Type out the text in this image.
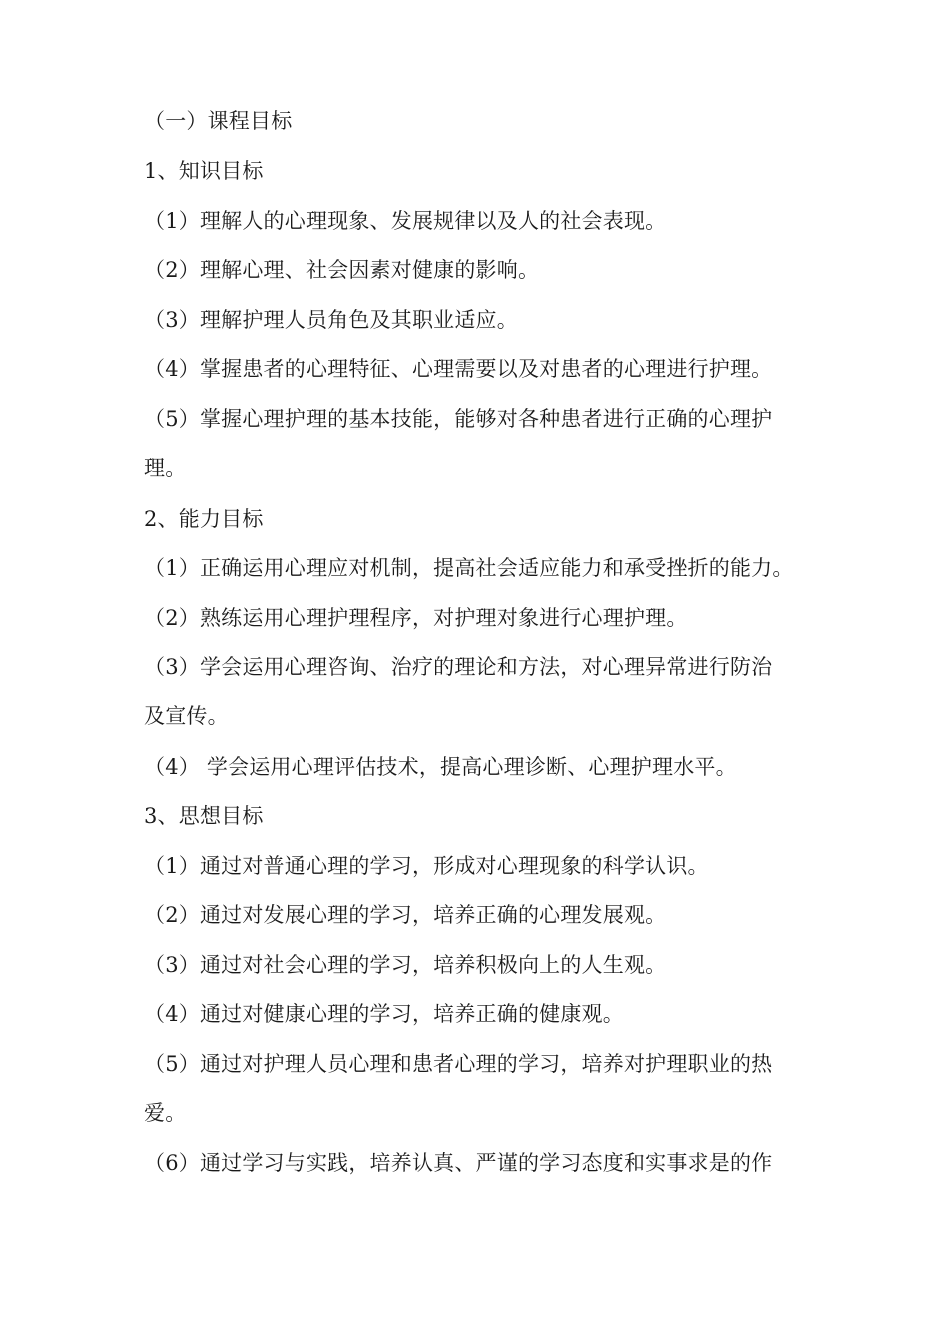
（一）课程目标

1、知识目标

（1）理解人的心理现象、发展规律以及人的社会表现。

（2）理解心理、社会因素对健康的影响。

（3）理解护理人员角色及其职业适应。

（4）掌握患者的心理特征、心理需要以及对患者的心理进行护理。

（5）掌握心理护理的基本技能，能够对各种患者进行正确的心理护

理。

2、能力目标

（1）正确运用心理应对机制，提高社会适应能力和承受挫折的能力。

（2）熟练运用心理护理程序，对护理对象进行心理护理。

（3）学会运用心理咨询、治疗的理论和方法，对心理异常进行防治

及宣传。

（4） 学会运用心理评估技术，提高心理诊断、心理护理水平。

3、思想目标

（1）通过对普通心理的学习，形成对心理现象的科学认识。

（2）通过对发展心理的学习，培养正确的心理发展观。

（3）通过对社会心理的学习，培养积极向上的人生观。

（4）通过对健康心理的学习，培养正确的健康观。

（5）通过对护理人员心理和患者心理的学习，培养对护理职业的热

爱。

（6）通过学习与实践，培养认真、严谨的学习态度和实事求是的作
